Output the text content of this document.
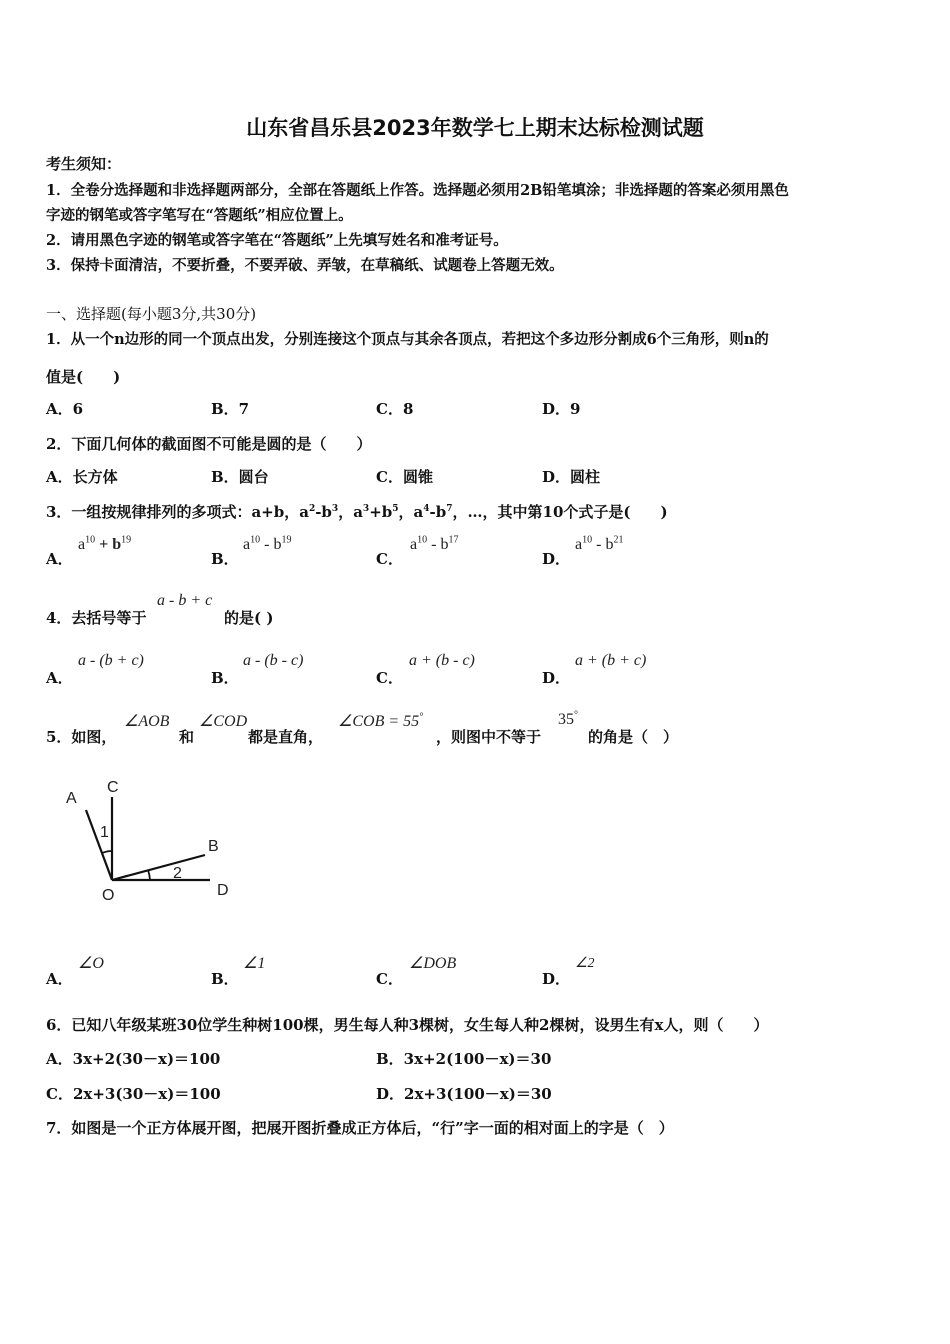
山东省昌乐县2023年数学七上期末达标检测试题
考生须知：
1．全卷分选择题和非选择题两部分，全部在答题纸上作答。选择题必须用2B铅笔填涂；非选择题的答案必须用黑色
字迹的钢笔或答字笔写在“答题纸”相应位置上。
2．请用黑色字迹的钢笔或答字笔在“答题纸”上先填写姓名和准考证号。
3．保持卡面清洁，不要折叠，不要弄破、弄皱，在草稿纸、试题卷上答题无效。
一、选择题(每小题3分,共30分)
1．从一个n边形的同一个顶点出发，分别连接这个顶点与其余各顶点，若把这个多边形分割成6个三角形，则n的
值是(　　)
A．6	B．7	C．8	D．9
2．下面几何体的截面图不可能是圆的是（　　）
A．长方体	B．圆台	C．圆锥	D．圆柱
3．一组按规律排列的多项式：a+b，$a^2-b^3$，$a^3+b^5$，$a^4-b^7$，…，其中第10个式子是(　　)
A．
$a^{10} + b^{19}$
B．
$a^{10} - b^{19}$
C．
$a^{10} - b^{17}$
D．
$a^{10} - b^{21}$
4．去括号等于
a - b + c
的是( )
A．
a - (b + c)
B．
a - (b - c)
C．
a + (b - c)
D．
a + (b + c)
5．如图，
∠AOB
和
∠COD
都是直角，
∠COB = 55°
，则图中不等于
35°
的角是（　）
A
C
B
O	D
1
2
A．
∠O
B．
∠1
C．
∠DOB
D．
∠2
6．已知八年级某班30位学生种树100棵，男生每人种3棵树，女生每人种2棵树，设男生有x人，则（　　）
A．3x+2(30－x)＝100	B．3x+2(100－x)＝30
C．2x+3(30－x)＝100	D．2x+3(100－x)＝30
7．如图是一个正方体展开图，把展开图折叠成正方体后，“行”字一面的相对面上的字是（　）
